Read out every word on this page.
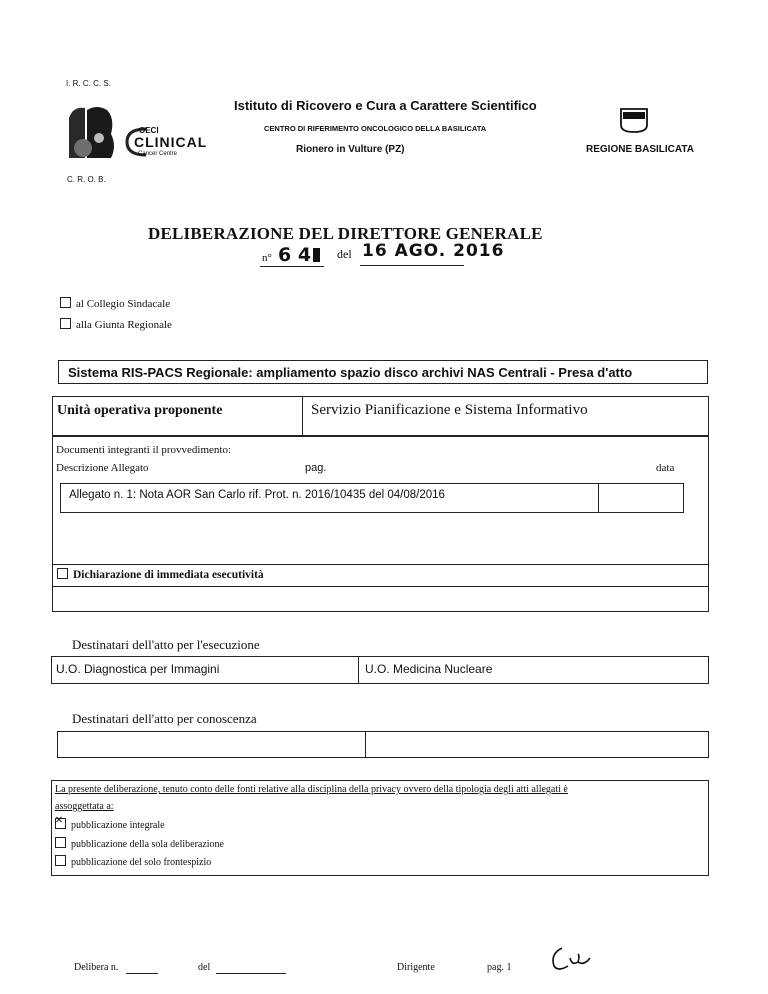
I. R. C. C. S.
OECI
CLINICAL
Cancer Centre
C. R. O. B.
Istituto di Ricovero e Cura a Carattere Scientifico
CENTRO DI RIFERIMENTO ONCOLOGICO DELLA BASILICATA
Rionero in Vulture (PZ)	REGIONE BASILICATA
DELIBERAZIONE DEL DIRETTORE GENERALE
n° 6 4 del 16 AGO. 2016
al Collegio Sindacale
alla Giunta Regionale
Sistema RIS-PACS Regionale: ampliamento spazio disco archivi NAS Centrali - Presa d'atto
Unità operativa proponente	Servizio Pianificazione e Sistema Informativo
Documenti integranti il provvedimento:
Descrizione Allegato	pag.	data
Allegato n. 1: Nota AOR San Carlo rif. Prot. n. 2016/10435 del 04/08/2016
Dichiarazione di immediata esecutività
Destinatari dell'atto per l'esecuzione
U.O. Diagnostica per Immagini	U.O. Medicina Nucleare
Destinatari dell'atto per conoscenza
La presente deliberazione, tenuto conto delle fonti relative alla disciplina della privacy ovvero della tipologia degli atti allegati è
assoggettata a:
×pubblicazione integrale
pubblicazione della sola deliberazione
pubblicazione del solo frontespizio
Delibera n.	del	Dirigente	pag. 1
